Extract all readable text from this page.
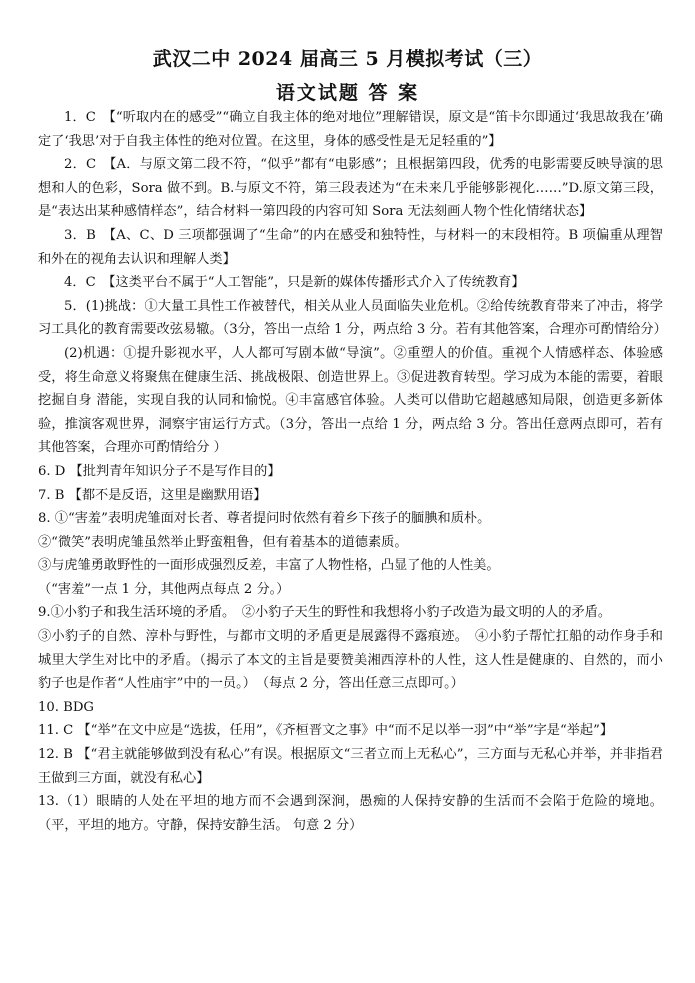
武汉二中 2024 届高三 5 月模拟考试（三）
语文试题 答 案

1．C　【“听取内在的感受”“确立自我主体的绝对地位”理解错误，原文是“笛卡尔即通过‘我思故我在’确定了‘我思’对于自我主体性的绝对位置。在这里，身体的感受性是无足轻重的”】

2．C　【A．与原文第二段不符，“似乎”都有“电影感”；且根据第四段，优秀的电影需要反映导演的思想和人的色彩，Sora 做不到。B.与原文不符，第三段表述为“在未来几乎能够影视化……”D.原文第三段，是“表达出某种感情样态”，结合材料一第四段的内容可知 Sora 无法刻画人物个性化情绪状态】

3．B　【A、C、D 三项都强调了“生命”的内在感受和独特性，与材料一的末段相符。B 项偏重从理智和外在的视角去认识和理解人类】

4．C　【这类平台不属于“人工智能”，只是新的媒体传播形式介入了传统教育】

5．(1)挑战：①大量工具性工作被替代，相关从业人员面临失业危机。②给传统教育带来了冲击，将学习工具化的教育需要改弦易辙。（3分，答出一点给 1 分，两点给 3 分。若有其他答案，合理亦可酌情给分）

(2)机遇：①提升影视水平，人人都可写剧本做“导演”。②重塑人的价值。重视个人情感样态、体验感受，将生命意义将聚焦在健康生活、挑战极限、创造世界上。③促进教育转型。学习成为本能的需要，着眼挖掘自身 潜能，实现自我的认同和愉悦。④丰富感官体验。人类可以借助它超越感知局限，创造更多新体验，推演客观世界，洞察宇宙运行方式。（3分，答出一点给 1 分，两点给 3 分。答出任意两点即可，若有其他答案，合理亦可酌情给分 ）

6. D 【批判青年知识分子不是写作目的】

7. B 【都不是反语，这里是幽默用语】

8. ①“害羞”表明虎雏面对长者、尊者提问时依然有着乡下孩子的腼腆和质朴。

②“微笑”表明虎雏虽然举止野蛮粗鲁，但有着基本的道德素质。

③与虎雏勇敢野性的一面形成强烈反差，丰富了人物性格，凸显了他的人性美。

（“害羞”一点 1 分，其他两点每点 2 分。）

9.①小豹子和我生活环境的矛盾。　②小豹子天生的野性和我想将小豹子改造为最文明的人的矛盾。

③小豹子的自然、淳朴与野性，与都市文明的矛盾更是展露得不露痕迹。　④小豹子帮忙扛船的动作身手和城里大学生对比中的矛盾。（揭示了本文的主旨是要赞美湘西淳朴的人性，这人性是健康的、自然的，而小豹子也是作者“人性庙宇”中的一员。）　（每点 2 分，答出任意三点即可。）

10. BDG

11. C 【“举”在文中应是“选拔，任用”，《齐桓晋文之事》中“而不足以举一羽”中“举”字是“举起”】

12. B 【“君主就能够做到没有私心”有误。根据原文“三者立而上无私心”，三方面与无私心并举，并非指君王做到三方面，就没有私心】

13.（1）眼睛的人处在平坦的地方而不会遇到深涧，愚痴的人保持安静的生活而不会陷于危险的境地。（平，平坦的地方。守静，保持安静生活。 句意 2 分）
